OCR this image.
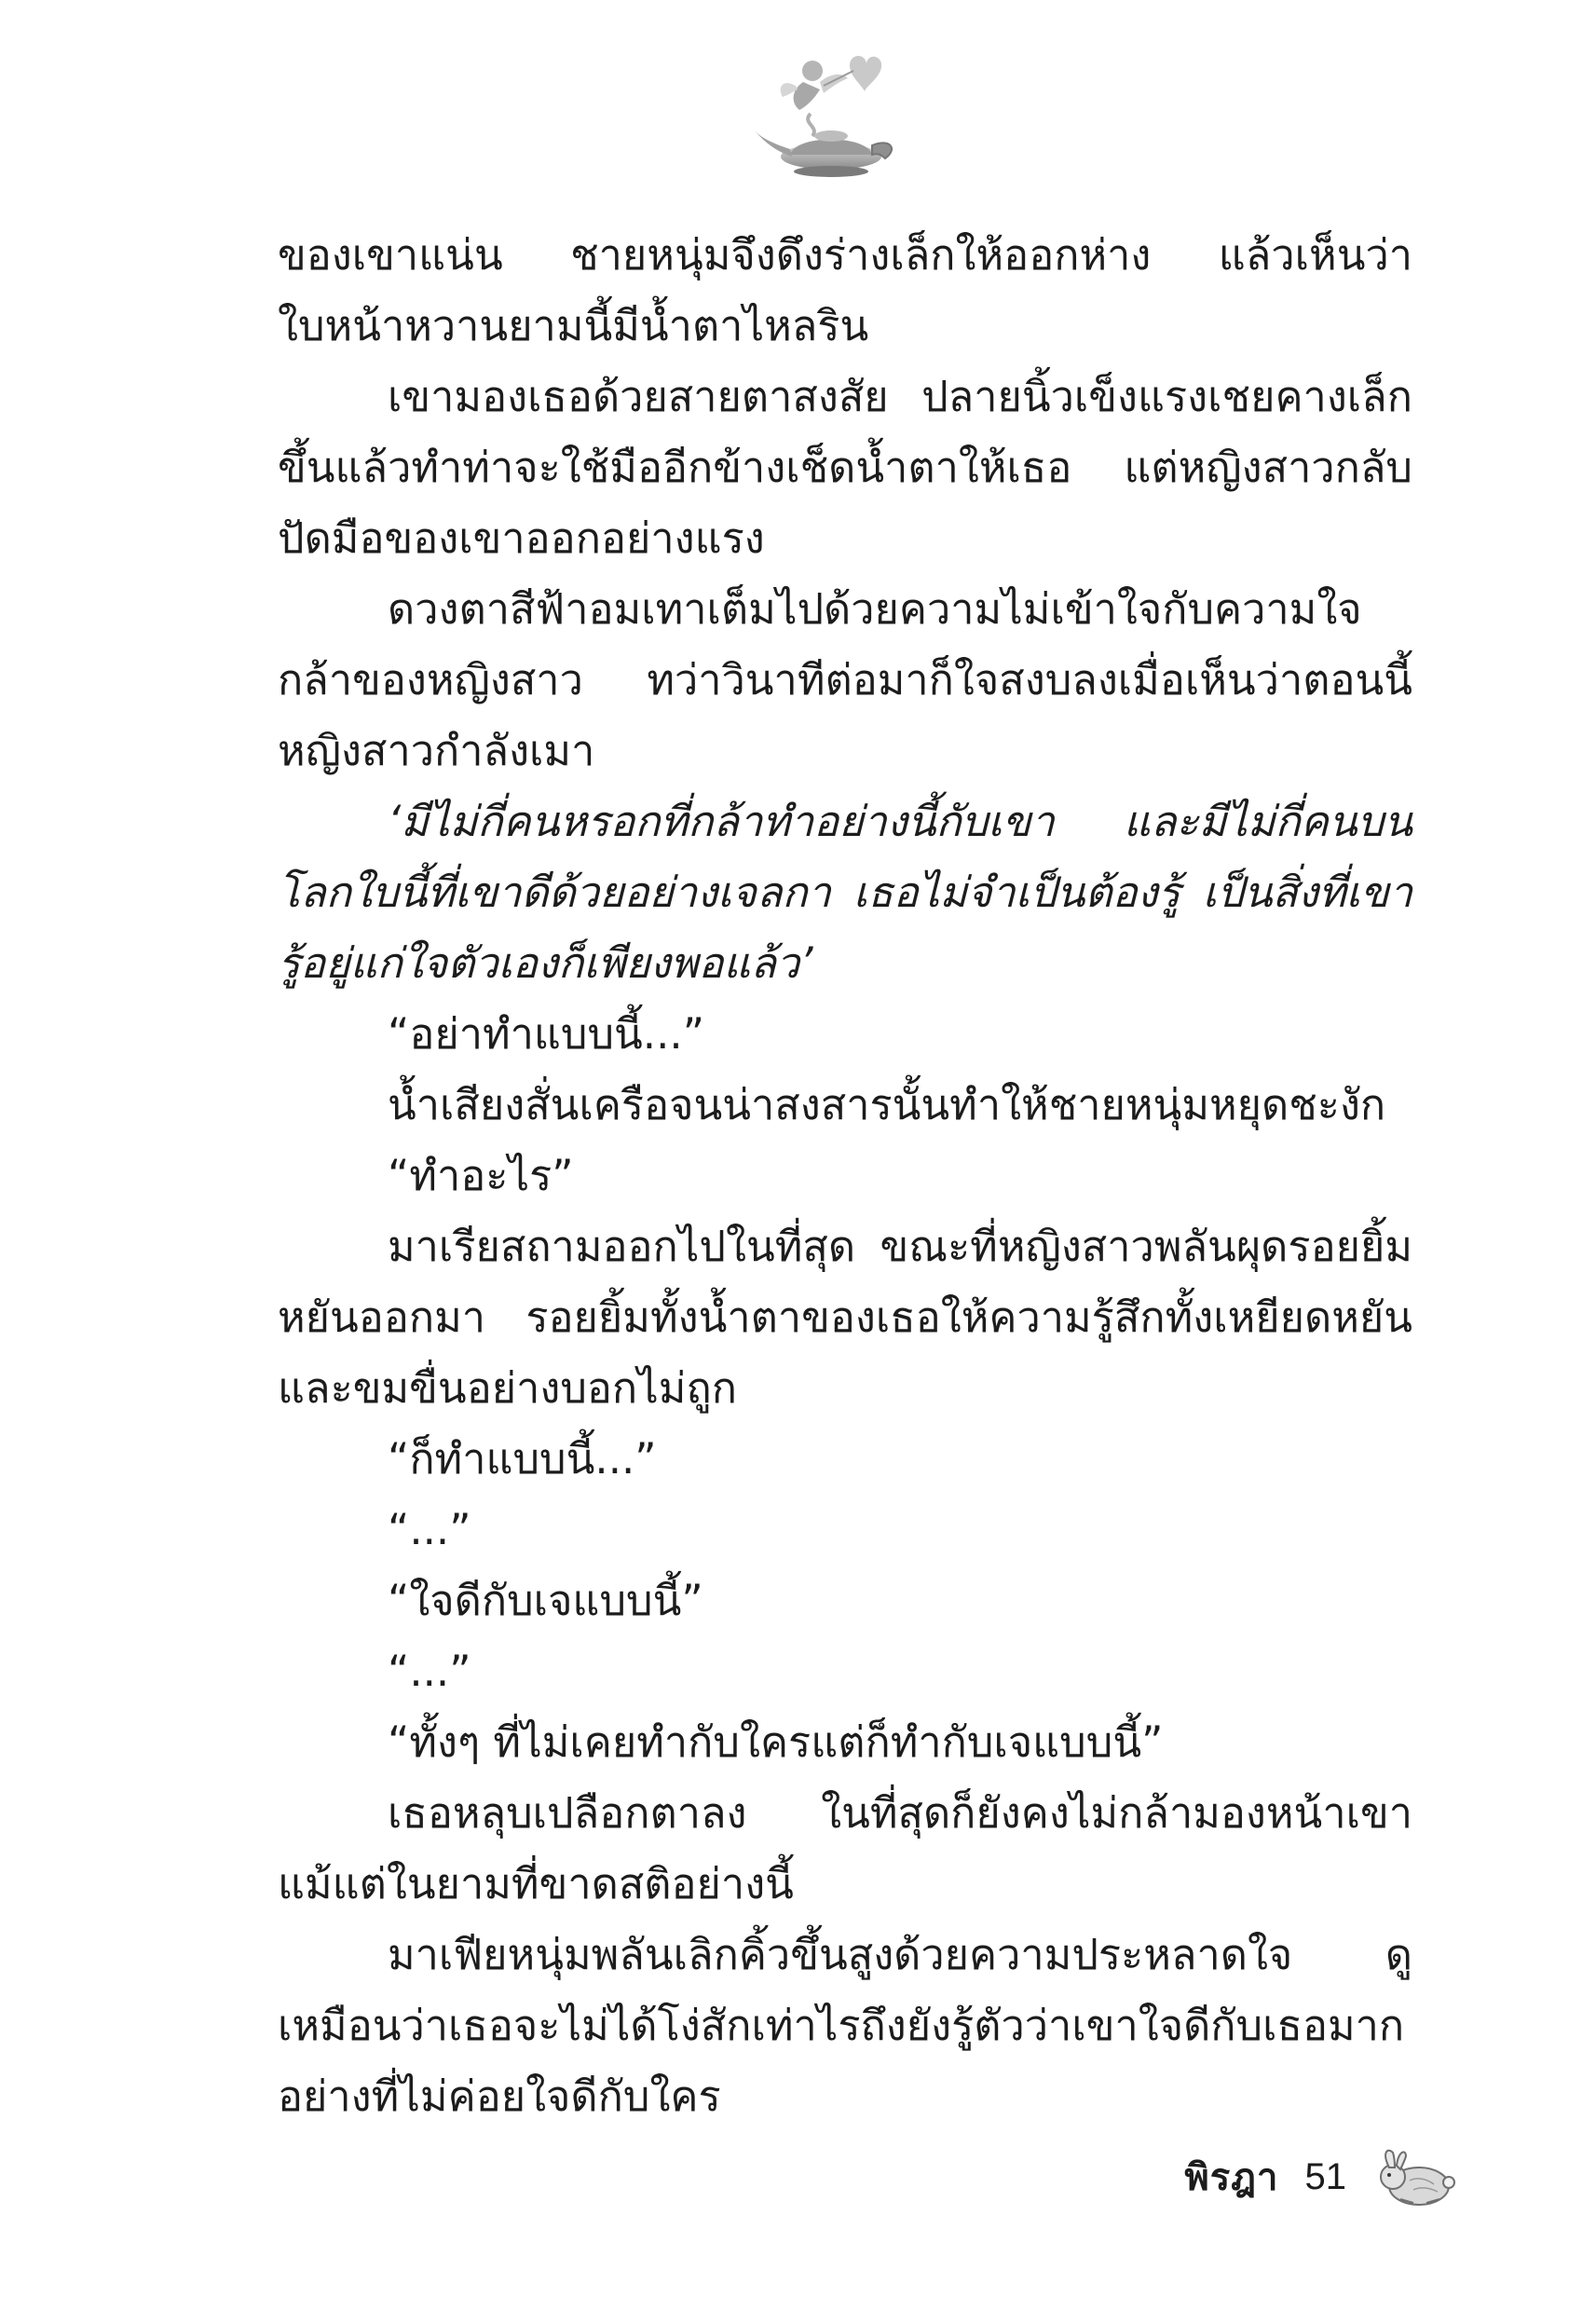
ของเขาแน่น ชายหนุ่มจึงดึงร่างเล็กให้ออกห่าง แล้วเห็นว่าใบหน้าหวานยามนี้มีน้ำตาไหลริน

เขามองเธอด้วยสายตาสงสัย ปลายนิ้วเข็งแรงเชยคางเล็กขึ้นแล้วทำท่าจะใช้มืออีกข้างเช็ดน้ำตาให้เธอ แต่หญิงสาวกลับปัดมือของเขาออกอย่างแรง

ดวงตาสีฟ้าอมเทาเต็มไปด้วยความไม่เข้าใจกับความใจกล้าของหญิงสาว ทว่าวินาทีต่อมาก็ใจสงบลงเมื่อเห็นว่าตอนนี้หญิงสาวกำลังเมา

‘มีไม่กี่คนหรอกที่กล้าทำอย่างนี้กับเขา และมีไม่กี่คนบนโลกใบนี้ที่เขาดีด้วยอย่างเจลกา เธอไม่จำเป็นต้องรู้ เป็นสิ่งที่เขารู้อยู่แก่ใจตัวเองก็เพียงพอแล้ว’

“อย่าทำแบบนี้...”

น้ำเสียงสั่นเครือจนน่าสงสารนั้นทำให้ชายหนุ่มหยุดชะงัก

“ทำอะไร”

มาเรียสถามออกไปในที่สุด ขณะที่หญิงสาวพลันผุดรอยยิ้มหยันออกมา รอยยิ้มทั้งน้ำตาของเธอให้ความรู้สึกทั้งเหยียดหยันและขมขื่นอย่างบอกไม่ถูก

“ก็ทำแบบนี้...”

“...”

“ใจดีกับเจแบบนี้”

“...”

“ทั้งๆ ที่ไม่เคยทำกับใครแต่ก็ทำกับเจแบบนี้”

เธอหลุบเปลือกตาลง ในที่สุดก็ยังคงไม่กล้ามองหน้าเขา แม้แต่ในยามที่ขาดสติอย่างนี้

มาเฟียหนุ่มพลันเลิกคิ้วขึ้นสูงด้วยความประหลาดใจ ดูเหมือนว่าเธอจะไม่ได้โง่สักเท่าไรถึงยังรู้ตัวว่าเขาใจดีกับเธอมากอย่างที่ไม่ค่อยใจดีกับใคร

พิรฎา 51
